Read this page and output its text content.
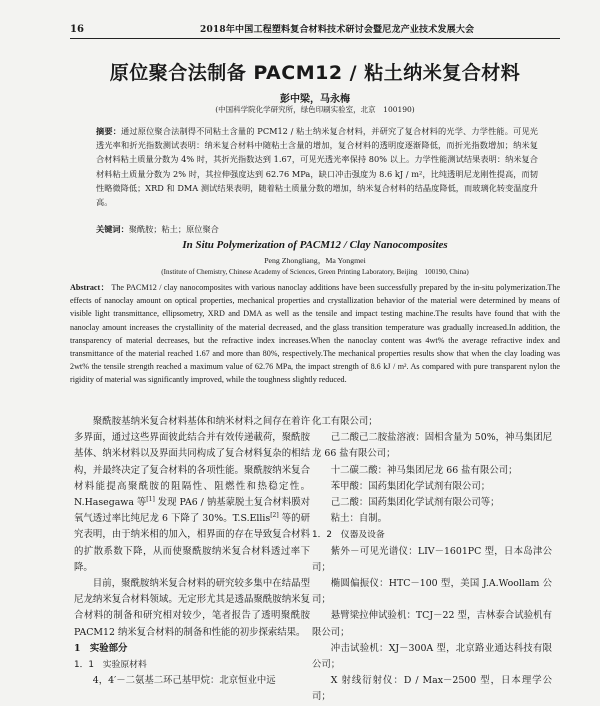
16	2018年中国工程塑料复合材料技术研讨会暨尼龙产业技术发展大会
原位聚合法制备 PACM12 / 粘土纳米复合材料
彭中梁，马永梅
(中国科学院化学研究所，绿色印刷实验室，北京　100190)
摘要：通过原位聚合法制得不同粘土含量的 PCM12 / 粘土纳米复合材料，并研究了复合材料的光学、力学性能。可见光透光率和折光指数测试表明：纳米复合材料中随粘土含量的增加，复合材料的透明度逐渐降低，而折光指数增加；纳米复合材料粘土质量分数为 4% 时，其折光指数达到 1.67，可见光透光率保持 80% 以上。力学性能测试结果表明：纳米复合材料粘土质量分数为 2% 时，其拉伸强度达到 62.76 MPa，缺口冲击强度为 8.6 kJ / m²，比纯透明尼龙刚性提高，而韧性略微降低；XRD 和 DMA 测试结果表明，随着粘土质量分数的增加，纳米复合材料的结晶度降低，而玻璃化转变温度升高。
关键词：聚酰胺；粘土；原位聚合
In Situ Polymerization of PACM12 / Clay Nanocomposites
Peng Zhongliang，Ma Yongmei
(Institute of Chemistry, Chinese Academy of Sciences, Green Printing Laboratory, Beijing　100190, China)
Abstract： The PACM12 / clay nanocomposites with various nanoclay additions have been successfully prepared by the in-situ polymerization.The effects of nanoclay amount on optical properties, mechanical properties and crystallization behavior of the material were determined by means of visible light transmittance, ellipsometry, XRD and DMA as well as the tensile and impact testing machine.The results have found that with the nanoclay amount increases the crystallinity of the material decreased, and the glass transition temperature was gradually increased.In addition, the transparency of material decreases, but the refractive index increases.When the nanoclay content was 4wt% the average refractive index and transmittance of the material reached 1.67 and more than 80%, respectively.The mechanical properties results show that when the clay loading was 2wt% the tensile strength reached a maximum value of 62.76 MPa, the impact strength of 8.6 kJ / m². As compared with pure transparent nylon the rigidity of material was significantly improved, while the toughness slightly reduced.

聚酰胺基纳米复合材料基体和纳米材料之间存在着许多界面，通过这些界面彼此结合并有效传递載荷，聚酰胺基体、纳米材料以及界面共同构成了复合材料复杂的相结构，并最终决定了复合材料的各项性能。聚酰胺纳米复合材料能提高聚酰胺的阻隔性、阻燃性和热稳定性。N.Hasegawa 等[1] 发现 PA6 / 钠基蒙脱土复合材料膜对氧气透过率比纯尼龙 6 下降了 30%。T.S.Ellis[2] 等的研究表明，由于纳米相的加入，相界面的存在导致复合材料的扩散系数下降，从而使聚酰胺纳米复合材料透过率下降。

目前，聚酰胺纳米复合材料的研究较多集中在结晶型尼龙纳米复合材料领域。无定形尤其是透晶聚酰胺纳米复合材料的制备和研究相对较少，笔者报告了透明聚酰胺 PACM12 纳米复合材料的制备和性能的初步探索结果。

1　实验部分

1．1　实验原材料

4，4′－二氨基二环己基甲烷：北京恒业中远

化工有限公司；

己二酸己二胺盐溶液：固相含量为 50%，神马集团尼龙 66 盐有限公司；

十二碳二酸：神马集团尼龙 66 盐有限公司；

苯甲酸：国药集团化学试剂有限公司；

己二酸：国药集团化学试剂有限公司等；

粘土：自制。

1．2　仪器及设备

紫外－可见光谱仪：LIV－1601PC 型，日本岛津公司；

椭圆偏振仪：HTC－100 型，美国 J.A.Woollam 公司；

悬臂梁拉伸试验机：TCJ－22 型，吉林泰合试验机有限公司；

冲击试验机：XJ－300A 型，北京路业通达科技有限公司；

X 射线衍射仪：D / Max－2500 型，日本理学公司；
